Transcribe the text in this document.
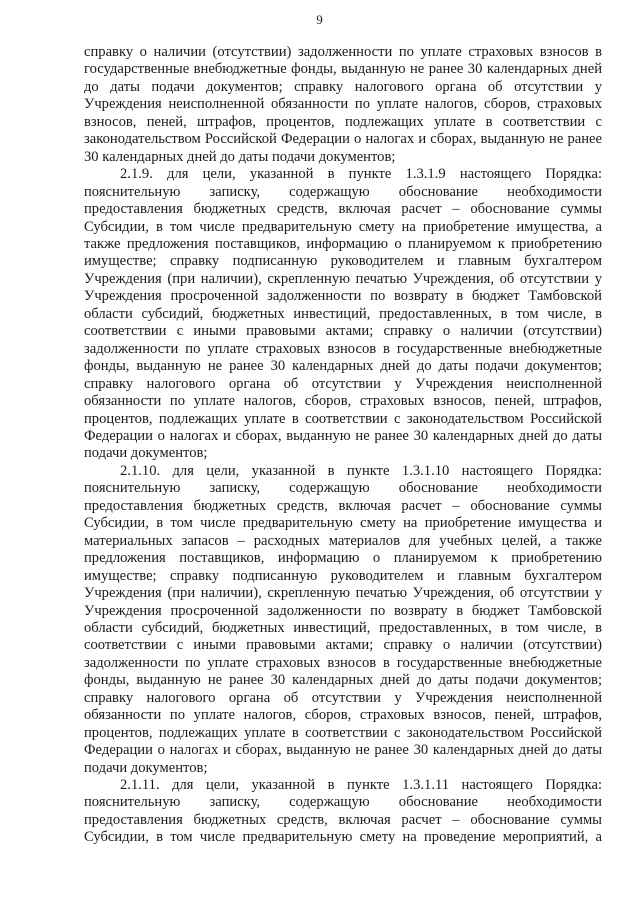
9

справку о наличии (отсутствии) задолженности по уплате страховых взносов в государственные внебюджетные фонды, выданную не ранее 30 календарных дней до даты подачи документов; справку налогового органа об отсутствии у Учреждения неисполненной обязанности по уплате налогов, сборов, страховых взносов, пеней, штрафов, процентов, подлежащих уплате в соответствии с законодательством Российской Федерации о налогах и сборах, выданную не ранее 30 календарных дней до даты подачи документов;

2.1.9. для цели, указанной в пункте 1.3.1.9 настоящего Порядка: пояснительную записку, содержащую обоснование необходимости предоставления бюджетных средств, включая расчет – обоснование суммы Субсидии, в том числе предварительную смету на приобретение имущества, а также предложения поставщиков, информацию о планируемом к приобретению имуществе; справку подписанную руководителем и главным бухгалтером Учреждения (при наличии), скрепленную печатью Учреждения, об отсутствии у Учреждения просроченной задолженности по возврату в бюджет Тамбовской области субсидий, бюджетных инвестиций, предоставленных, в том числе, в соответствии с иными правовыми актами; справку о наличии (отсутствии) задолженности по уплате страховых взносов в государственные внебюджетные фонды, выданную не ранее 30 календарных дней до даты подачи документов; справку налогового органа об отсутствии у Учреждения неисполненной обязанности по уплате налогов, сборов, страховых взносов, пеней, штрафов, процентов, подлежащих уплате в соответствии с законодательством Российской Федерации о налогах и сборах, выданную не ранее 30 календарных дней до даты подачи документов;

2.1.10. для цели, указанной в пункте 1.3.1.10 настоящего Порядка: пояснительную записку, содержащую обоснование необходимости предоставления бюджетных средств, включая расчет – обоснование суммы Субсидии, в том числе предварительную смету на приобретение имущества и материальных запасов – расходных материалов для учебных целей, а также предложения поставщиков, информацию о планируемом к приобретению имуществе; справку подписанную руководителем и главным бухгалтером Учреждения (при наличии), скрепленную печатью Учреждения, об отсутствии у Учреждения просроченной задолженности по возврату в бюджет Тамбовской области субсидий, бюджетных инвестиций, предоставленных, в том числе, в соответствии с иными правовыми актами; справку о наличии (отсутствии) задолженности по уплате страховых взносов в государственные внебюджетные фонды, выданную не ранее 30 календарных дней до даты подачи документов; справку налогового органа об отсутствии у Учреждения неисполненной обязанности по уплате налогов, сборов, страховых взносов, пеней, штрафов, процентов, подлежащих уплате в соответствии с законодательством Российской Федерации о налогах и сборах, выданную не ранее 30 календарных дней до даты подачи документов;

2.1.11. для цели, указанной в пункте 1.3.1.11 настоящего Порядка: пояснительную записку, содержащую обоснование необходимости предоставления бюджетных средств, включая расчет – обоснование суммы Субсидии, в том числе предварительную смету на проведение мероприятий, а
